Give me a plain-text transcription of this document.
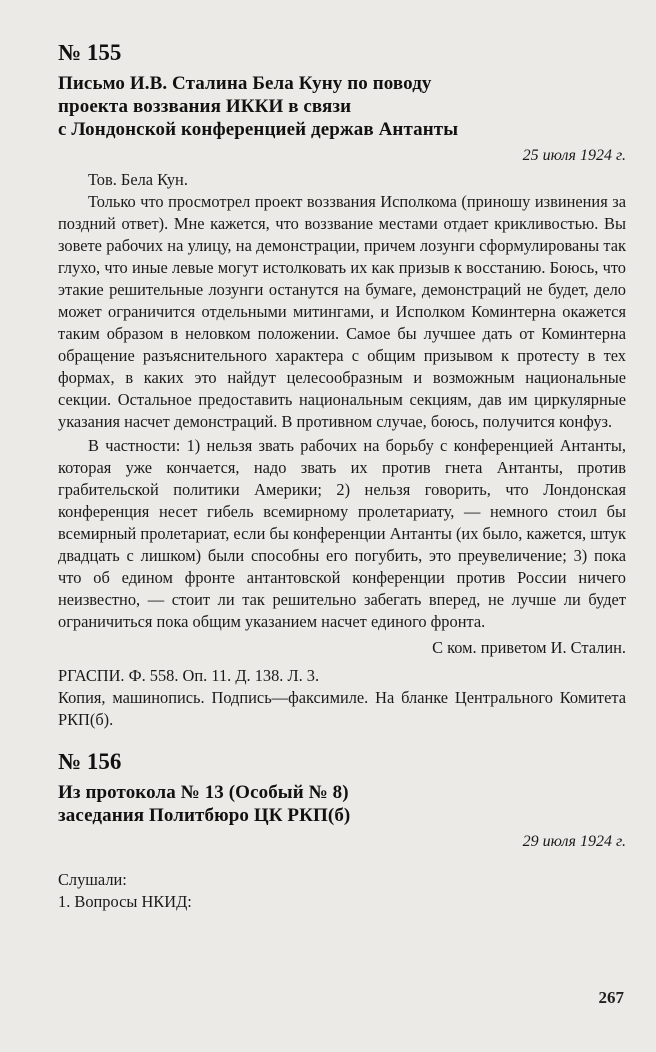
№ 155
Письмо И.В. Сталина Бела Куну по поводу
проекта воззвания ИККИ в связи
с Лондонской конференцией держав Антанты
25 июля 1924 г.

Тов. Бела Кун.

Только что просмотрел проект воззвания Исполкома (приношу извинения за поздний ответ). Мне кажется, что воззвание местами отдает крикливостью. Вы зовете рабочих на улицу, на демонстрации, причем лозунги сформулированы так глухо, что иные левые могут истолковать их как призыв к восстанию. Боюсь, что этакие решительные лозунги останутся на бумаге, демонстраций не будет, дело может ограничится отдельными митингами, и Исполком Коминтерна окажется таким образом в неловком положении. Самое бы лучшее дать от Коминтерна обращение разъяснительного характера с общим призывом к протесту в тех формах, в каких это найдут целесообразным и возможным национальные секции. Остальное предоставить национальным секциям, дав им циркулярные указания насчет демонстраций. В противном случае, боюсь, получится конфуз.

В частности: 1) нельзя звать рабочих на борьбу с конференцией Антанты, которая уже кончается, надо звать их против гнета Антанты, против грабительской политики Америки; 2) нельзя говорить, что Лондонская конференция несет гибель всемирному пролетариату, — немного стоил бы всемирный пролетариат, если бы конференции Антанты (их было, кажется, штук двадцать с лишком) были способны его погубить, это преувеличение; 3) пока что об едином фронте антантовской конференции против России ничего неизвестно, — стоит ли так решительно забегать вперед, не лучше ли будет ограничиться пока общим указанием насчет единого фронта.

С ком. приветом И. Сталин.

РГАСПИ. Ф. 558. Оп. 11. Д. 138. Л. 3.

Копия, машинопись. Подпись—факсимиле. На бланке Центрального Комитета РКП(б).

№ 156
Из протокола № 13 (Особый № 8)
заседания Политбюро ЦК РКП(б)
29 июля 1924 г.

Слушали:

1. Вопросы НКИД:

267
